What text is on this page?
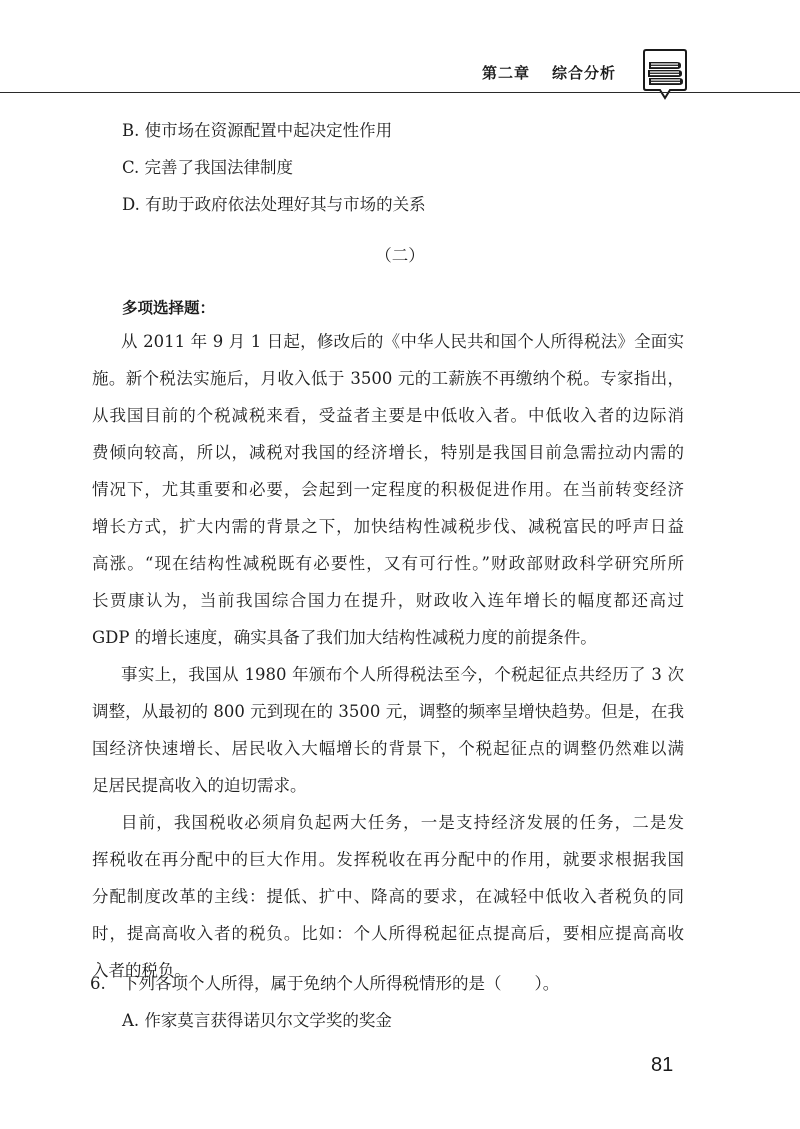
第二章 综合分析
B. 使市场在资源配置中起决定性作用
C. 完善了我国法律制度
D. 有助于政府依法处理好其与市场的关系
（二）
多项选择题：
从 2011 年 9 月 1 日起，修改后的《中华人民共和国个人所得税法》全面实
施。新个税法实施后，月收入低于 3500 元的工薪族不再缴纳个税。专家指出，
从我国目前的个税减税来看，受益者主要是中低收入者。中低收入者的边际消
费倾向较高，所以，减税对我国的经济增长，特别是我国目前急需拉动内需的
情况下，尤其重要和必要，会起到一定程度的积极促进作用。在当前转变经济
增长方式，扩大内需的背景之下，加快结构性减税步伐、减税富民的呼声日益
高涨。“现在结构性减税既有必要性，又有可行性。”财政部财政科学研究所所
长贾康认为，当前我国综合国力在提升，财政收入连年增长的幅度都还高过
GDP 的增长速度，确实具备了我们加大结构性减税力度的前提条件。
事实上，我国从 1980 年颁布个人所得税法至今，个税起征点共经历了 3 次
调整，从最初的 800 元到现在的 3500 元，调整的频率呈增快趋势。但是，在我
国经济快速增长、居民收入大幅增长的背景下，个税起征点的调整仍然难以满
足居民提高收入的迫切需求。
目前，我国税收必须肩负起两大任务，一是支持经济发展的任务，二是发
挥税收在再分配中的巨大作用。发挥税收在再分配中的作用，就要求根据我国
分配制度改革的主线：提低、扩中、降高的要求，在减轻中低收入者税负的同
时，提高高收入者的税负。比如：个人所得税起征点提高后，要相应提高高收
入者的税负。
6. 下列各项个人所得，属于免纳个人所得税情形的是（　　）。
A. 作家莫言获得诺贝尔文学奖的奖金
81
